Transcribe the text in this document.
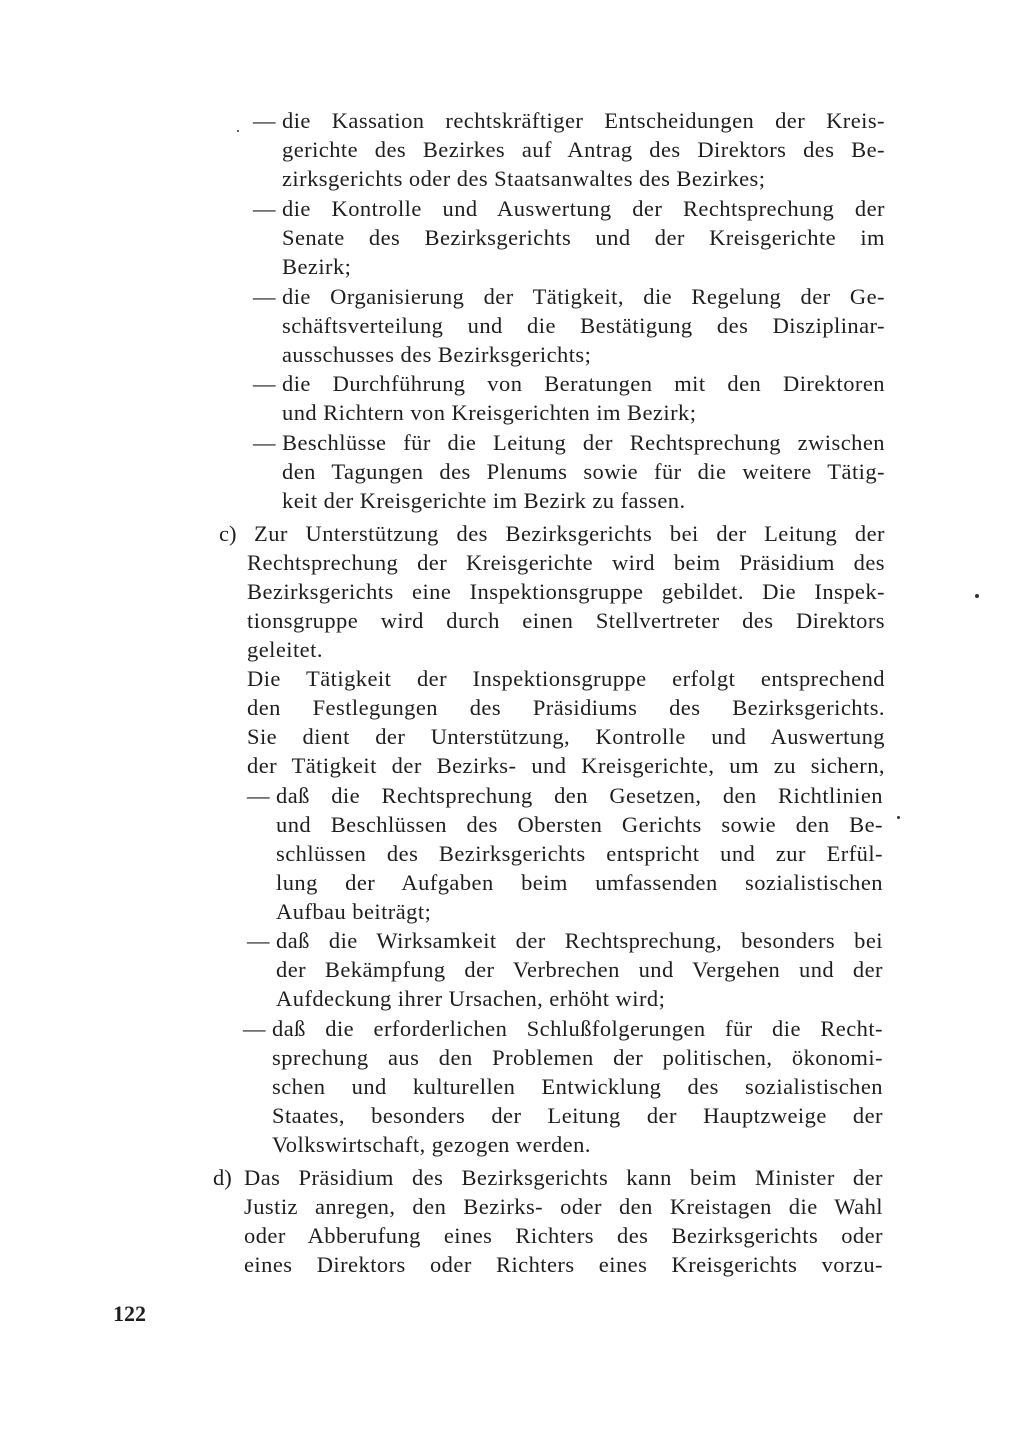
— die Kassation rechtskräftiger Entscheidungen der Kreis-
gerichte des Bezirkes auf Antrag des Direktors des Be-
zirksgerichts oder des Staatsanwaltes des Bezirkes;
— die Kontrolle und Auswertung der Rechtsprechung der
Senate des Bezirksgerichts und der Kreisgerichte im
Bezirk;
— die Organisierung der Tätigkeit, die Regelung der Ge-
schäftsverteilung und die Bestätigung des Disziplinar-
ausschusses des Bezirksgerichts;
— die Durchführung von Beratungen mit den Direktoren
und Richtern von Kreisgerichten im Bezirk;
— Beschlüsse für die Leitung der Rechtsprechung zwischen
den Tagungen des Plenums sowie für die weitere Tätig-
keit der Kreisgerichte im Bezirk zu fassen.
c) Zur Unterstützung des Bezirksgerichts bei der Leitung der
Rechtsprechung der Kreisgerichte wird beim Präsidium des
Bezirksgerichts eine Inspektionsgruppe gebildet. Die Inspek-
tionsgruppe wird durch einen Stellvertreter des Direktors
geleitet.
Die Tätigkeit der Inspektionsgruppe erfolgt entsprechend
den Festlegungen des Präsidiums des Bezirksgerichts.
Sie dient der Unterstützung, Kontrolle und Auswertung
der Tätigkeit der Bezirks- und Kreisgerichte, um zu sichern,
— daß die Rechtsprechung den Gesetzen, den Richtlinien
und Beschlüssen des Obersten Gerichts sowie den Be-
schlüssen des Bezirksgerichts entspricht und zur Erfül-
lung der Aufgaben beim umfassenden sozialistischen
Aufbau beiträgt;
— daß die Wirksamkeit der Rechtsprechung, besonders bei
der Bekämpfung der Verbrechen und Vergehen und der
Aufdeckung ihrer Ursachen, erhöht wird;
— daß die erforderlichen Schlußfolgerungen für die Recht-
sprechung aus den Problemen der politischen, ökonomi-
schen und kulturellen Entwicklung des sozialistischen
Staates, besonders der Leitung der Hauptzweige der
Volkswirtschaft, gezogen werden.
d) Das Präsidium des Bezirksgerichts kann beim Minister der
Justiz anregen, den Bezirks- oder den Kreistagen die Wahl
oder Abberufung eines Richters des Bezirksgerichts oder
eines Direktors oder Richters eines Kreisgerichts vorzu-
122
